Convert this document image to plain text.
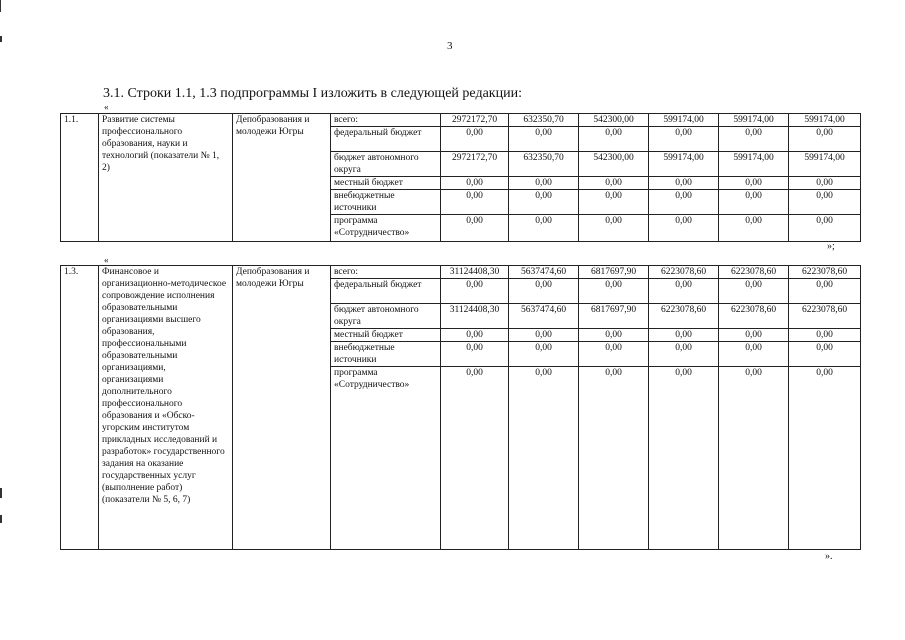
3
3.1. Строки 1.1, 1.3 подпрограммы I изложить в следующей редакции:
«
1.1.	Развитие системы профессионального образования, науки и технологий (показатели № 1, 2)	Депобразования и молодежи Югры	всего:	2972172,70	632350,70	542300,00	599174,00	599174,00	599174,00
			федеральный бюджет	0,00	0,00	0,00	0,00	0,00	0,00
			бюджет автономного округа	2972172,70	632350,70	542300,00	599174,00	599174,00	599174,00
			местный бюджет	0,00	0,00	0,00	0,00	0,00	0,00
			внебюджетные источники	0,00	0,00	0,00	0,00	0,00	0,00
			программа «Сотрудничество»	0,00	0,00	0,00	0,00	0,00	0,00
»;
«
1.3.	Финансовое и организационно-методическое сопровождение исполнения образовательными организациями высшего образования, профессиональными образовательными организациями, организациями дополнительного профессионального образования и «Обско-угорским институтом прикладных исследований и разработок» государственного задания на оказание государственных услуг (выполнение работ) (показатели № 5, 6, 7)	Депобразования и молодежи Югры	всего:	31124408,30	5637474,60	6817697,90	6223078,60	6223078,60	6223078,60
			федеральный бюджет	0,00	0,00	0,00	0,00	0,00	0,00
			бюджет автономного округа	31124408,30	5637474,60	6817697,90	6223078,60	6223078,60	6223078,60
			местный бюджет	0,00	0,00	0,00	0,00	0,00	0,00
			внебюджетные источники	0,00	0,00	0,00	0,00	0,00	0,00
			программа «Сотрудничество»	0,00	0,00	0,00	0,00	0,00	0,00
».
